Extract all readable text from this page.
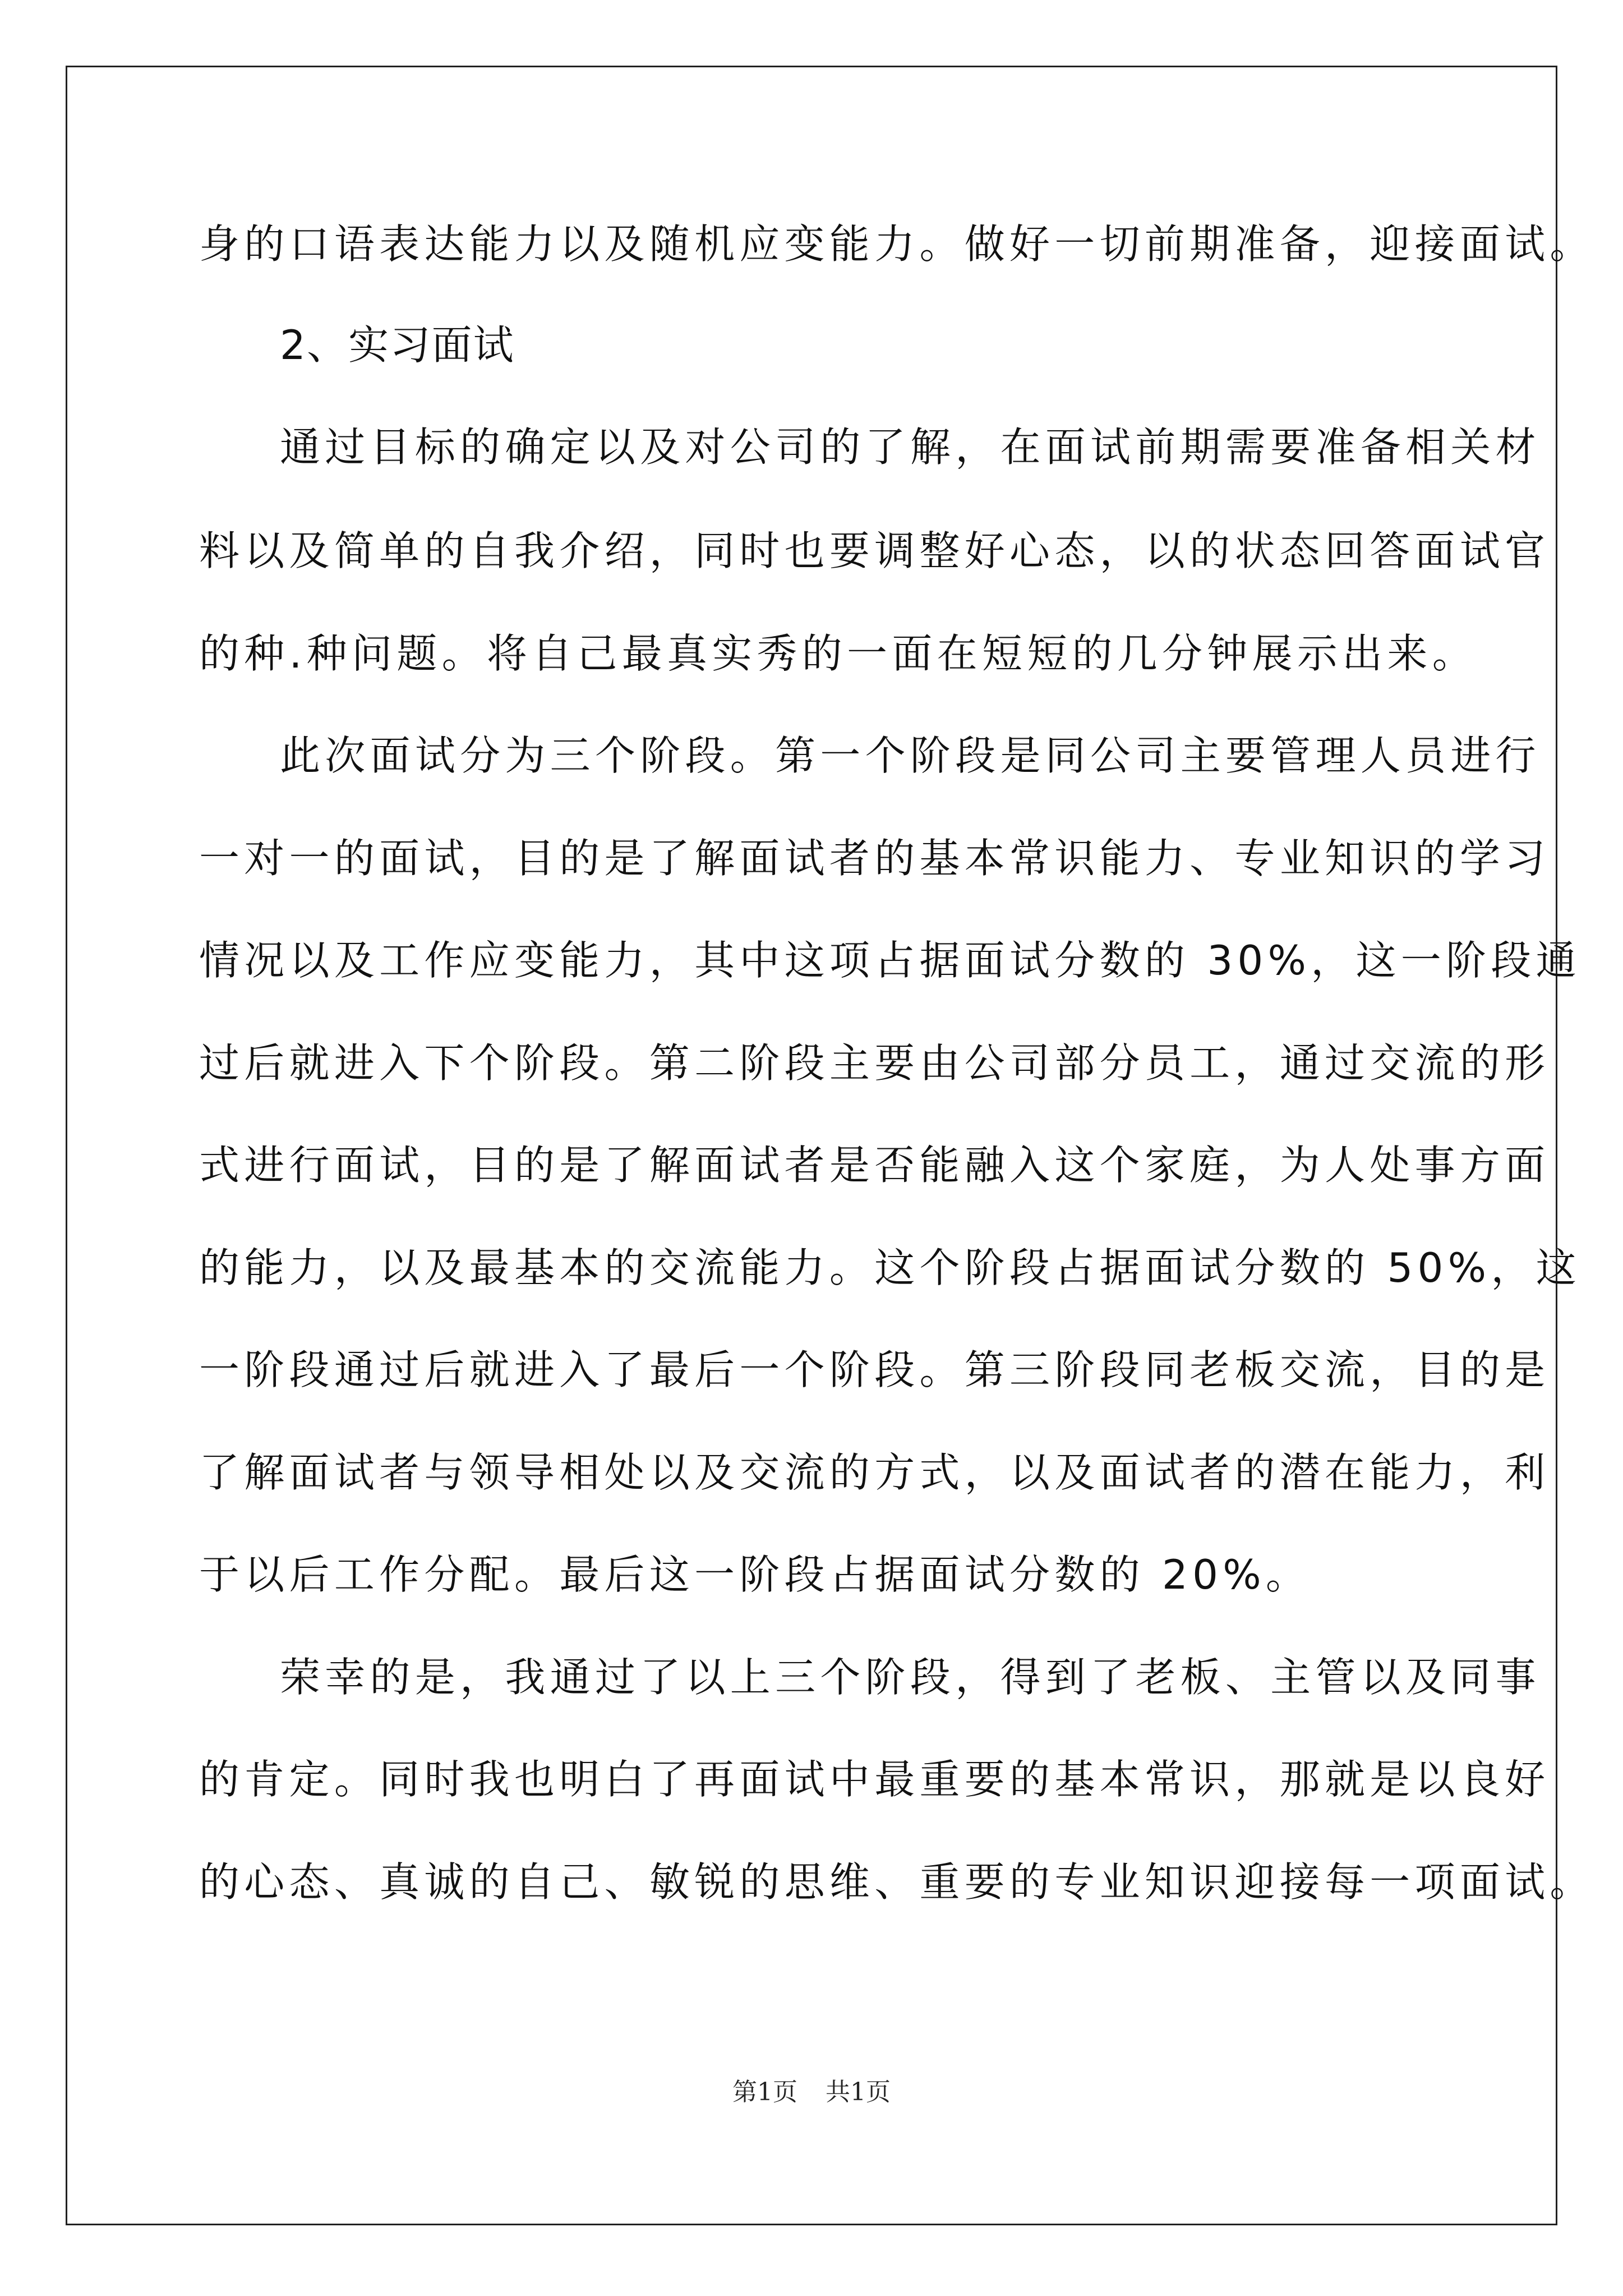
身的口语表达能力以及随机应变能力。做好一切前期准备，迎接面试。
2、实习面试
通过目标的确定以及对公司的了解，在面试前期需要准备相关材
料以及简单的自我介绍，同时也要调整好心态，以的状态回答面试官
的种.种问题。将自己最真实秀的一面在短短的几分钟展示出来。
此次面试分为三个阶段。第一个阶段是同公司主要管理人员进行
一对一的面试，目的是了解面试者的基本常识能力、专业知识的学习
情况以及工作应变能力，其中这项占据面试分数的 30%，这一阶段通
过后就进入下个阶段。第二阶段主要由公司部分员工，通过交流的形
式进行面试，目的是了解面试者是否能融入这个家庭，为人处事方面
的能力，以及最基本的交流能力。这个阶段占据面试分数的 50%，这
一阶段通过后就进入了最后一个阶段。第三阶段同老板交流，目的是
了解面试者与领导相处以及交流的方式，以及面试者的潜在能力，利
于以后工作分配。最后这一阶段占据面试分数的 20%。
荣幸的是，我通过了以上三个阶段，得到了老板、主管以及同事
的肯定。同时我也明白了再面试中最重要的基本常识，那就是以良好
的心态、真诚的自己、敏锐的思维、重要的专业知识迎接每一项面试。
第1页 共1页
